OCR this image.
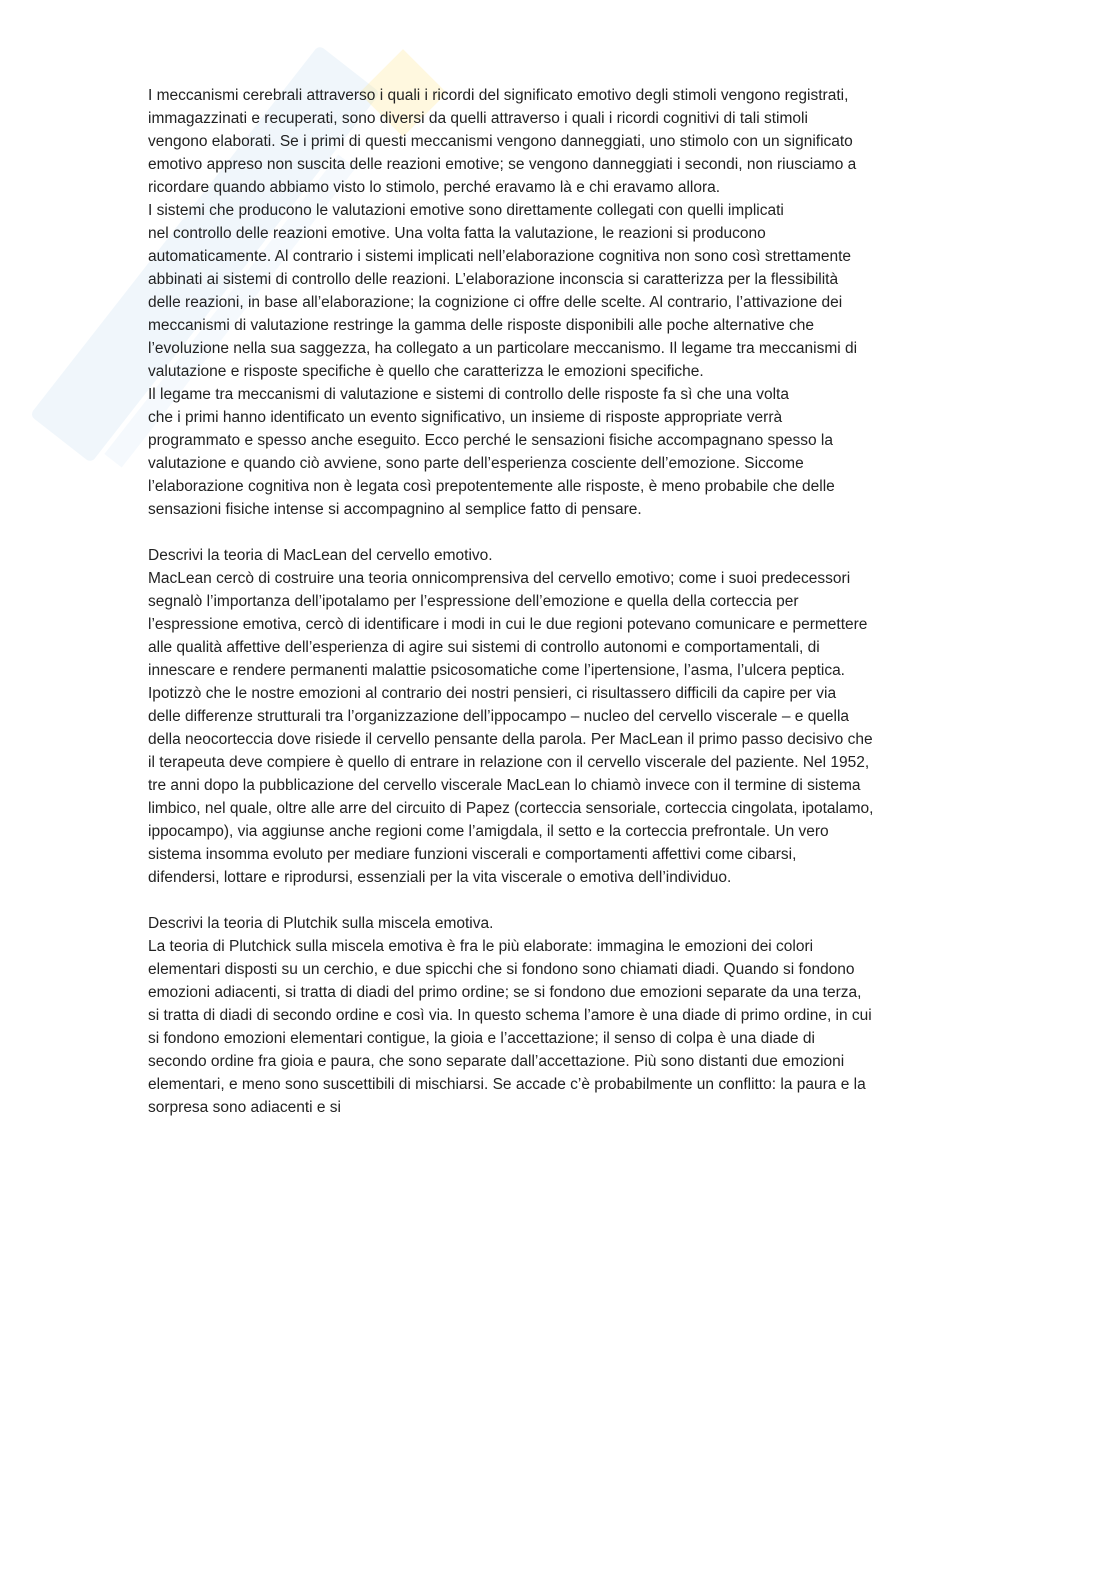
I meccanismi cerebrali attraverso i quali i ricordi del significato emotivo degli stimoli vengono registrati,
immagazzinati e recuperati, sono diversi da quelli attraverso i quali i ricordi cognitivi di tali stimoli
vengono elaborati. Se i primi di questi meccanismi vengono danneggiati, uno stimolo con un significato
emotivo appreso non suscita delle reazioni emotive; se vengono danneggiati i secondi, non riusciamo a
ricordare quando abbiamo visto lo stimolo, perché eravamo là e chi eravamo allora.
I sistemi che producono le valutazioni emotive sono direttamente collegati con quelli implicati
nel controllo delle reazioni emotive. Una volta fatta la valutazione, le reazioni si producono
automaticamente. Al contrario i sistemi implicati nell’elaborazione cognitiva non sono così strettamente
abbinati ai sistemi di controllo delle reazioni. L’elaborazione inconscia si caratterizza per la flessibilità
delle reazioni, in base all’elaborazione; la cognizione ci offre delle scelte. Al contrario, l’attivazione dei
meccanismi di valutazione restringe la gamma delle risposte disponibili alle poche alternative che
l’evoluzione nella sua saggezza, ha collegato a un particolare meccanismo. Il legame tra meccanismi di
valutazione e risposte specifiche è quello che caratterizza le emozioni specifiche.
Il legame tra meccanismi di valutazione e sistemi di controllo delle risposte fa sì che una volta
che i primi hanno identificato un evento significativo, un insieme di risposte appropriate verrà
programmato e spesso anche eseguito. Ecco perché le sensazioni fisiche accompagnano spesso la
valutazione e quando ciò avviene, sono parte dell’esperienza cosciente dell’emozione. Siccome
l’elaborazione cognitiva non è legata così prepotentemente alle risposte, è meno probabile che delle
sensazioni fisiche intense si accompagnino al semplice fatto di pensare.
Descrivi la teoria di MacLean del cervello emotivo.
MacLean cercò di costruire una teoria onnicomprensiva del cervello emotivo; come i suoi predecessori
segnalò l’importanza dell’ipotalamo per l’espressione dell’emozione e quella della corteccia per
l’espressione emotiva, cercò di identificare i modi in cui le due regioni potevano comunicare e permettere
alle qualità affettive dell’esperienza di agire sui sistemi di controllo autonomi e comportamentali, di
innescare e rendere permanenti malattie psicosomatiche come l’ipertensione, l’asma, l’ulcera peptica.
Ipotizzò che le nostre emozioni al contrario dei nostri pensieri, ci risultassero difficili da capire per via
delle differenze strutturali tra l’organizzazione dell’ippocampo – nucleo del cervello viscerale – e quella
della neocorteccia dove risiede il cervello pensante della parola. Per MacLean il primo passo decisivo che
il terapeuta deve compiere è quello di entrare in relazione con il cervello viscerale del paziente. Nel 1952,
tre anni dopo la pubblicazione del cervello viscerale MacLean lo chiamò invece con il termine di sistema
limbico, nel quale, oltre alle arre del circuito di Papez (corteccia sensoriale, corteccia cingolata, ipotalamo,
ippocampo), via aggiunse anche regioni come l’amigdala, il setto e la corteccia prefrontale. Un vero
sistema insomma evoluto per mediare funzioni viscerali e comportamenti affettivi come cibarsi,
difendersi, lottare e riprodursi, essenziali per la vita viscerale o emotiva dell’individuo.
Descrivi la teoria di Plutchik sulla miscela emotiva.
La teoria di Plutchick sulla miscela emotiva è fra le più elaborate: immagina le emozioni dei colori
elementari disposti su un cerchio, e due spicchi che si fondono sono chiamati diadi. Quando si fondono
emozioni adiacenti, si tratta di diadi del primo ordine; se si fondono due emozioni separate da una terza,
si tratta di diadi di secondo ordine e così via. In questo schema l’amore è una diade di primo ordine, in cui
si fondono emozioni elementari contigue, la gioia e l’accettazione; il senso di colpa è una diade di
secondo ordine fra gioia e paura, che sono separate dall’accettazione. Più sono distanti due emozioni
elementari, e meno sono suscettibili di mischiarsi. Se accade c’è probabilmente un conflitto: la paura e la
sorpresa sono adiacenti e si
